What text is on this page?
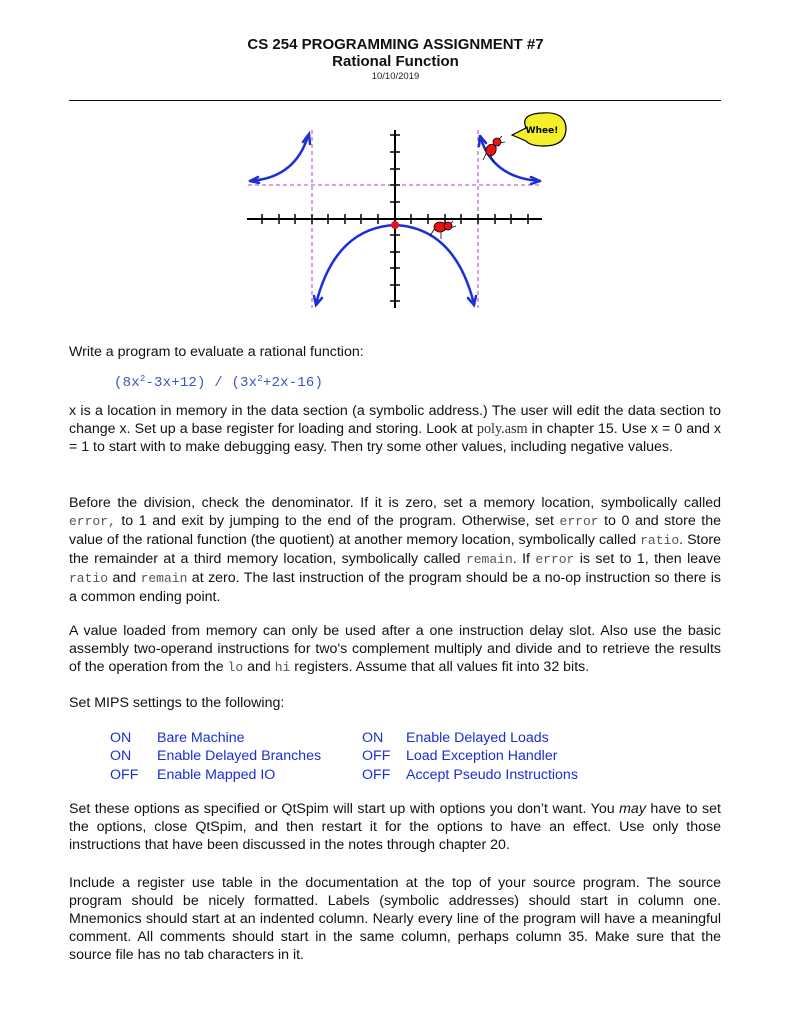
CS 254 PROGRAMMING ASSIGNMENT #7
Rational Function
10/10/2019
Whee!
Write a program to evaluate a rational function:
$(8x^2-3x+12) / (3x^2+2x-16)$

x is a location in memory in the data section (a symbolic address.) The user will edit the data section to change x. Set up a base register for loading and storing. Look at poly.asm in chapter 15. Use x = 0 and x = 1 to start with to make debugging easy. Then try some other values, including negative values.

Before the division, check the denominator. If it is zero, set a memory location, symbolically called error, to 1 and exit by jumping to the end of the program. Otherwise, set error to 0 and store the value of the rational function (the quotient) at another memory location, symbolically called ratio. Store the remainder at a third memory location, symbolically called remain. If error is set to 1, then leave ratio and remain at zero. The last instruction of the program should be a no-op instruction so there is a common ending point.

A value loaded from memory can only be used after a one instruction delay slot. Also use the basic assembly two-operand instructions for two's complement multiply and divide and to retrieve the results of the operation from the lo and hi registers. Assume that all values fit into 32 bits.

Set MIPS settings to the following:
ON	Bare Machine	ON	Enable Delayed Loads
ON	Enable Delayed Branches	OFF	Load Exception Handler
OFF	Enable Mapped IO	OFF	Accept Pseudo Instructions

Set these options as specified or QtSpim will start up with options you don’t want. You may have to set the options, close QtSpim, and then restart it for the options to have an effect. Use only those instructions that have been discussed in the notes through chapter 20.

Include a register use table in the documentation at the top of your source program. The source program should be nicely formatted. Labels (symbolic addresses) should start in column one. Mnemonics should start at an indented column. Nearly every line of the program will have a meaningful comment. All comments should start in the same column, perhaps column 35. Make sure that the source file has no tab characters in it.
